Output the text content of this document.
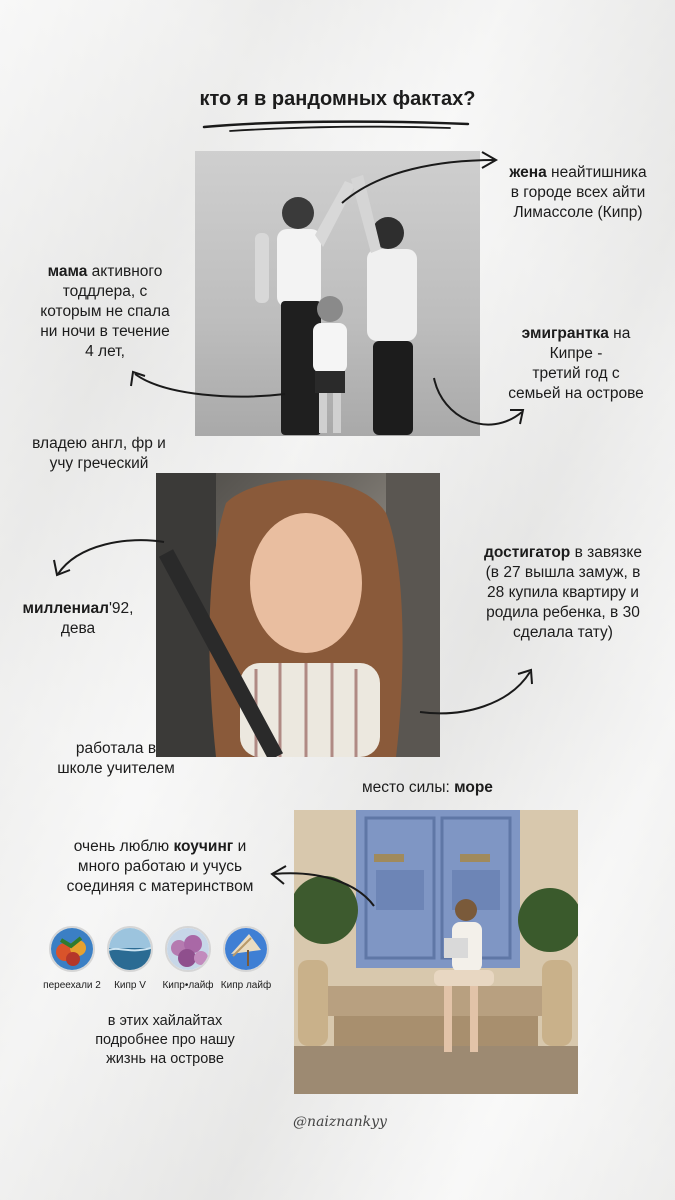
кто я в рандомных фактах?
жена неайтишника
в городе всех айти
Лимассоле (Кипр)
мама активного
тоддлера, с
которым не спала
ни ночи в течение
4 лет,
эмигрантка на
Кипре -
третий год с
семьей на острове
владею англ, фр и
учу греческий
достигатор в завязке
(в 27 вышла замуж, в
28 купила квартиру и
родила ребенка, в 30
сделала тату)
миллениал'92,
дева
работала в
школе учителем
место силы: море
очень люблю коучинг и
много работаю и учусь
соединяя с материнством
переехали 2	Кипр V	Кипр•лайф Кипр лайф
в этих хайлайтах
подробнее про нашу
жизнь на острове
@naiznankyy
